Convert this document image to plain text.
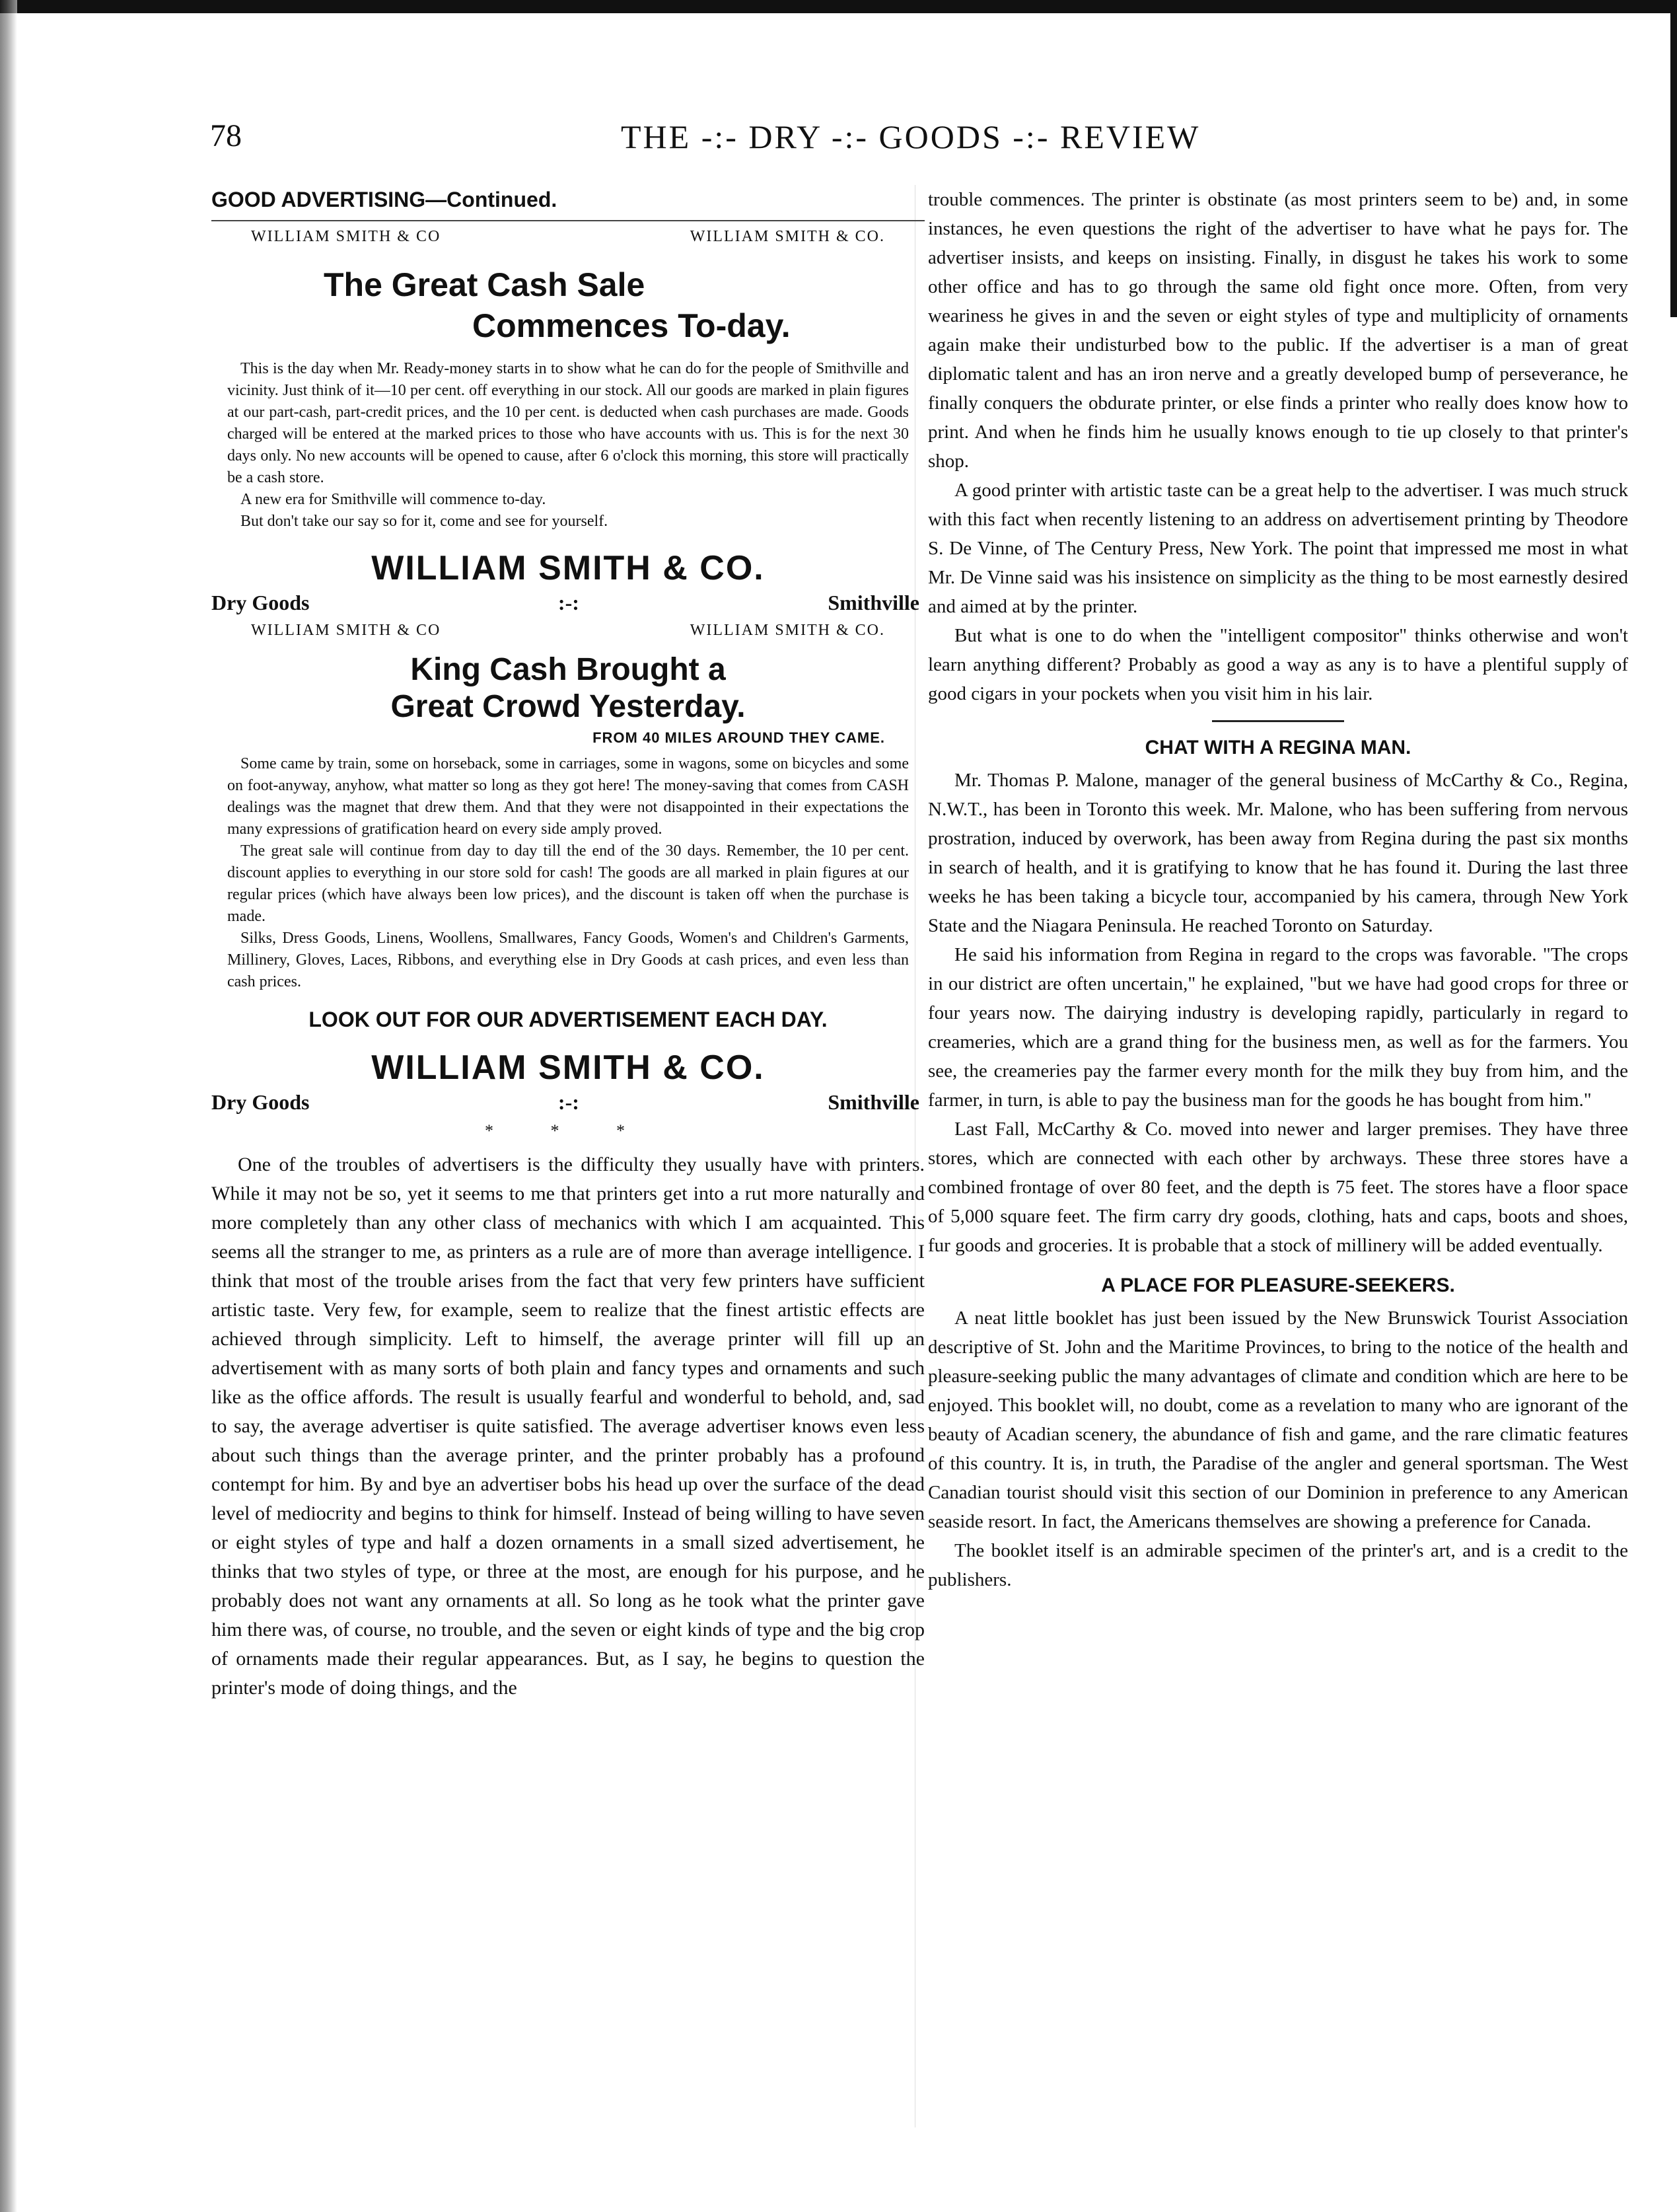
78	THE -:- DRY -:- GOODS -:- REVIEW
GOOD ADVERTISING—Continued.
WILLIAM SMITH & CO	WILLIAM SMITH & CO.
The Great Cash Sale
Commences To-day.

This is the day when Mr. Ready-money starts in to show what he can do for the people of Smithville and vicinity. Just think of it—10 per cent. off everything in our stock. All our goods are marked in plain figures at our part-cash, part-credit prices, and the 10 per cent. is deducted when cash purchases are made. Goods charged will be entered at the marked prices to those who have accounts with us. This is for the next 30 days only. No new accounts will be opened to cause, after 6 o'clock this morning, this store will practically be a cash store.

A new era for Smithville will commence to-day.

But don't take our say so for it, come and see for yourself.

WILLIAM SMITH & CO.
Dry Goods	:-:	Smithville
WILLIAM SMITH & CO	WILLIAM SMITH & CO.
King Cash Brought a
Great Crowd Yesterday.
FROM 40 MILES AROUND THEY CAME.

Some came by train, some on horseback, some in carriages, some in wagons, some on bicycles and some on foot-anyway, anyhow, what matter so long as they got here! The money-saving that comes from CASH dealings was the magnet that drew them. And that they were not disappointed in their expectations the many expressions of gratification heard on every side amply proved.

The great sale will continue from day to day till the end of the 30 days. Remember, the 10 per cent. discount applies to everything in our store sold for cash! The goods are all marked in plain figures at our regular prices (which have always been low prices), and the discount is taken off when the purchase is made.

Silks, Dress Goods, Linens, Woollens, Smallwares, Fancy Goods, Women's and Children's Garments, Millinery, Gloves, Laces, Ribbons, and everything else in Dry Goods at cash prices, and even less than cash prices.

LOOK OUT FOR OUR ADVERTISEMENT EACH DAY.
WILLIAM SMITH & CO.
Dry Goods	:-:	Smithville
* * *

One of the troubles of advertisers is the difficulty they usually have with printers. While it may not be so, yet it seems to me that printers get into a rut more naturally and more completely than any other class of mechanics with which I am acquainted. This seems all the stranger to me, as printers as a rule are of more than average intelligence. I think that most of the trouble arises from the fact that very few printers have sufficient artistic taste. Very few, for example, seem to realize that the finest artistic effects are achieved through simplicity. Left to himself, the average printer will fill up an advertisement with as many sorts of both plain and fancy types and ornaments and such like as the office affords. The result is usually fearful and wonderful to behold, and, sad to say, the average advertiser is quite satisfied. The average advertiser knows even less about such things than the average printer, and the printer probably has a profound contempt for him. By and bye an advertiser bobs his head up over the surface of the dead level of mediocrity and begins to think for himself. Instead of being willing to have seven or eight styles of type and half a dozen ornaments in a small sized advertisement, he thinks that two styles of type, or three at the most, are enough for his purpose, and he probably does not want any ornaments at all. So long as he took what the printer gave him there was, of course, no trouble, and the seven or eight kinds of type and the big crop of ornaments made their regular appearances. But, as I say, he begins to question the printer's mode of doing things, and the

trouble commences. The printer is obstinate (as most printers seem to be) and, in some instances, he even questions the right of the advertiser to have what he pays for. The advertiser insists, and keeps on insisting. Finally, in disgust he takes his work to some other office and has to go through the same old fight once more. Often, from very weariness he gives in and the seven or eight styles of type and multiplicity of ornaments again make their undisturbed bow to the public. If the advertiser is a man of great diplomatic talent and has an iron nerve and a greatly developed bump of perseverance, he finally conquers the obdurate printer, or else finds a printer who really does know how to print. And when he finds him he usually knows enough to tie up closely to that printer's shop.

A good printer with artistic taste can be a great help to the advertiser. I was much struck with this fact when recently listening to an address on advertisement printing by Theodore S. De Vinne, of The Century Press, New York. The point that impressed me most in what Mr. De Vinne said was his insistence on simplicity as the thing to be most earnestly desired and aimed at by the printer.

But what is one to do when the "intelligent compositor" thinks otherwise and won't learn anything different? Probably as good a way as any is to have a plentiful supply of good cigars in your pockets when you visit him in his lair.

CHAT WITH A REGINA MAN.

Mr. Thomas P. Malone, manager of the general business of McCarthy & Co., Regina, N.W.T., has been in Toronto this week. Mr. Malone, who has been suffering from nervous prostration, induced by overwork, has been away from Regina during the past six months in search of health, and it is gratifying to know that he has found it. During the last three weeks he has been taking a bicycle tour, accompanied by his camera, through New York State and the Niagara Peninsula. He reached Toronto on Saturday.

He said his information from Regina in regard to the crops was favorable. "The crops in our district are often uncertain," he explained, "but we have had good crops for three or four years now. The dairying industry is developing rapidly, particularly in regard to creameries, which are a grand thing for the business men, as well as for the farmers. You see, the creameries pay the farmer every month for the milk they buy from him, and the farmer, in turn, is able to pay the business man for the goods he has bought from him."

Last Fall, McCarthy & Co. moved into newer and larger premises. They have three stores, which are connected with each other by archways. These three stores have a combined frontage of over 80 feet, and the depth is 75 feet. The stores have a floor space of 5,000 square feet. The firm carry dry goods, clothing, hats and caps, boots and shoes, fur goods and groceries. It is probable that a stock of millinery will be added eventually.

A PLACE FOR PLEASURE-SEEKERS.

A neat little booklet has just been issued by the New Brunswick Tourist Association descriptive of St. John and the Maritime Provinces, to bring to the notice of the health and pleasure-seeking public the many advantages of climate and condition which are here to be enjoyed. This booklet will, no doubt, come as a revelation to many who are ignorant of the beauty of Acadian scenery, the abundance of fish and game, and the rare climatic features of this country. It is, in truth, the Paradise of the angler and general sportsman. The West Canadian tourist should visit this section of our Dominion in preference to any American seaside resort. In fact, the Americans themselves are showing a preference for Canada.

The booklet itself is an admirable specimen of the printer's art, and is a credit to the publishers.
